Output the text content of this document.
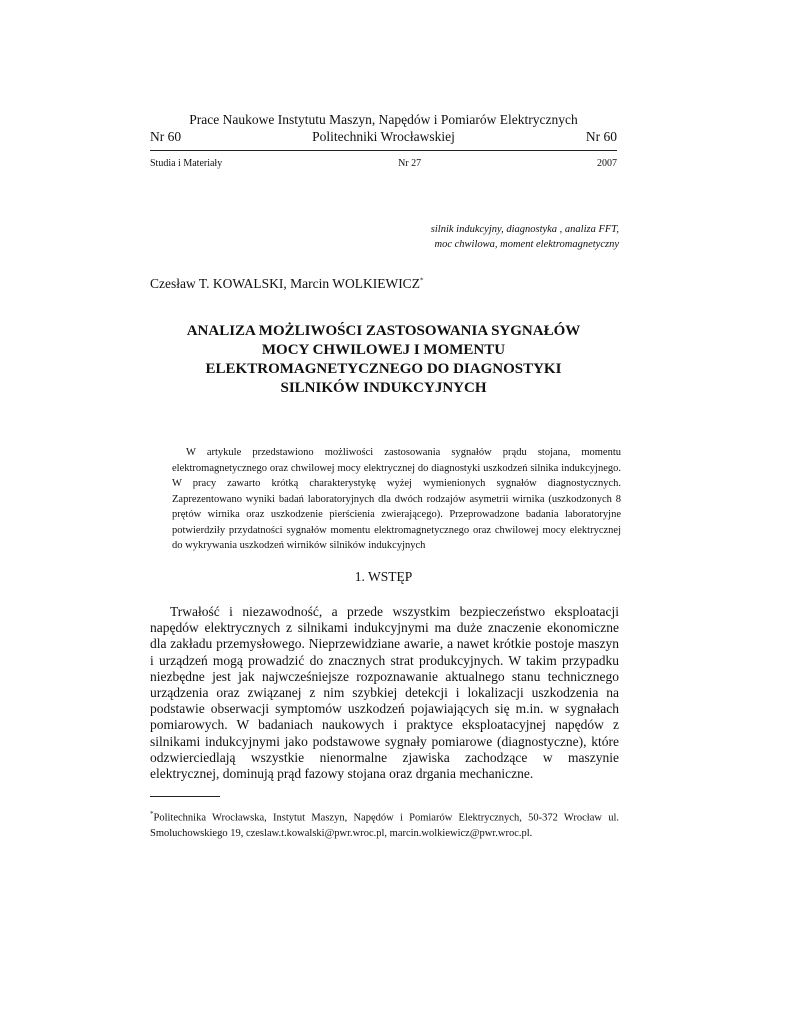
Prace Naukowe Instytutu Maszyn, Napędów i Pomiarów Elektrycznych
Nr 60	Politechniki Wrocławskiej	Nr 60
Studia i Materiały	Nr 27	2007
silnik indukcyjny, diagnostyka , analiza FFT,
moc chwilowa, moment elektromagnetyczny
Czesław T. KOWALSKI, Marcin WOLKIEWICZ*
ANALIZA MOŻLIWOŚCI ZASTOSOWANIA SYGNAŁÓW
MOCY CHWILOWEJ I MOMENTU
ELEKTROMAGNETYCZNEGO DO DIAGNOSTYKI
SILNIKÓW INDUKCYJNYCH

W artykule przedstawiono możliwości zastosowania sygnałów prądu stojana, momentu elektromagnetycznego oraz chwilowej mocy elektrycznej do diagnostyki uszkodzeń silnika indukcyjnego. W pracy zawarto krótką charakterystykę wyżej wymienionych sygnałów diagnostycznych. Zaprezentowano wyniki badań laboratoryjnych dla dwóch rodzajów asymetrii wirnika (uszkodzonych 8 prętów wirnika oraz uszkodzenie pierścienia zwierającego). Przeprowadzone badania laboratoryjne potwierdziły przydatności sygnałów momentu elektromagnetycznego oraz chwilowej mocy elektrycznej do wykrywania uszkodzeń wirników silników indukcyjnych

1. WSTĘP

Trwałość i niezawodność, a przede wszystkim bezpieczeństwo eksploatacji napędów elektrycznych z silnikami indukcyjnymi ma duże znaczenie ekonomiczne dla zakładu przemysłowego. Nieprzewidziane awarie, a nawet krótkie postoje maszyn i urządzeń mogą prowadzić do znacznych strat produkcyjnych. W takim przypadku niezbędne jest jak najwcześniejsze rozpoznawanie aktualnego stanu technicznego urządzenia oraz związanej z nim szybkiej detekcji i lokalizacji uszkodzenia na podstawie obserwacji symptomów uszkodzeń pojawiających się m.in. w sygnałach pomiarowych. W badaniach naukowych i praktyce eksploatacyjnej napędów z silnikami indukcyjnymi jako podstawowe sygnały pomiarowe (diagnostyczne), które odzwierciedlają wszystkie nienormalne zjawiska zachodzące w maszynie elektrycznej, dominują prąd fazowy stojana oraz drgania mechaniczne.

*Politechnika Wrocławska, Instytut Maszyn, Napędów i Pomiarów Elektrycznych, 50-372 Wrocław ul. Smoluchowskiego 19, czeslaw.t.kowalski@pwr.wroc.pl, marcin.wolkiewicz@pwr.wroc.pl.
